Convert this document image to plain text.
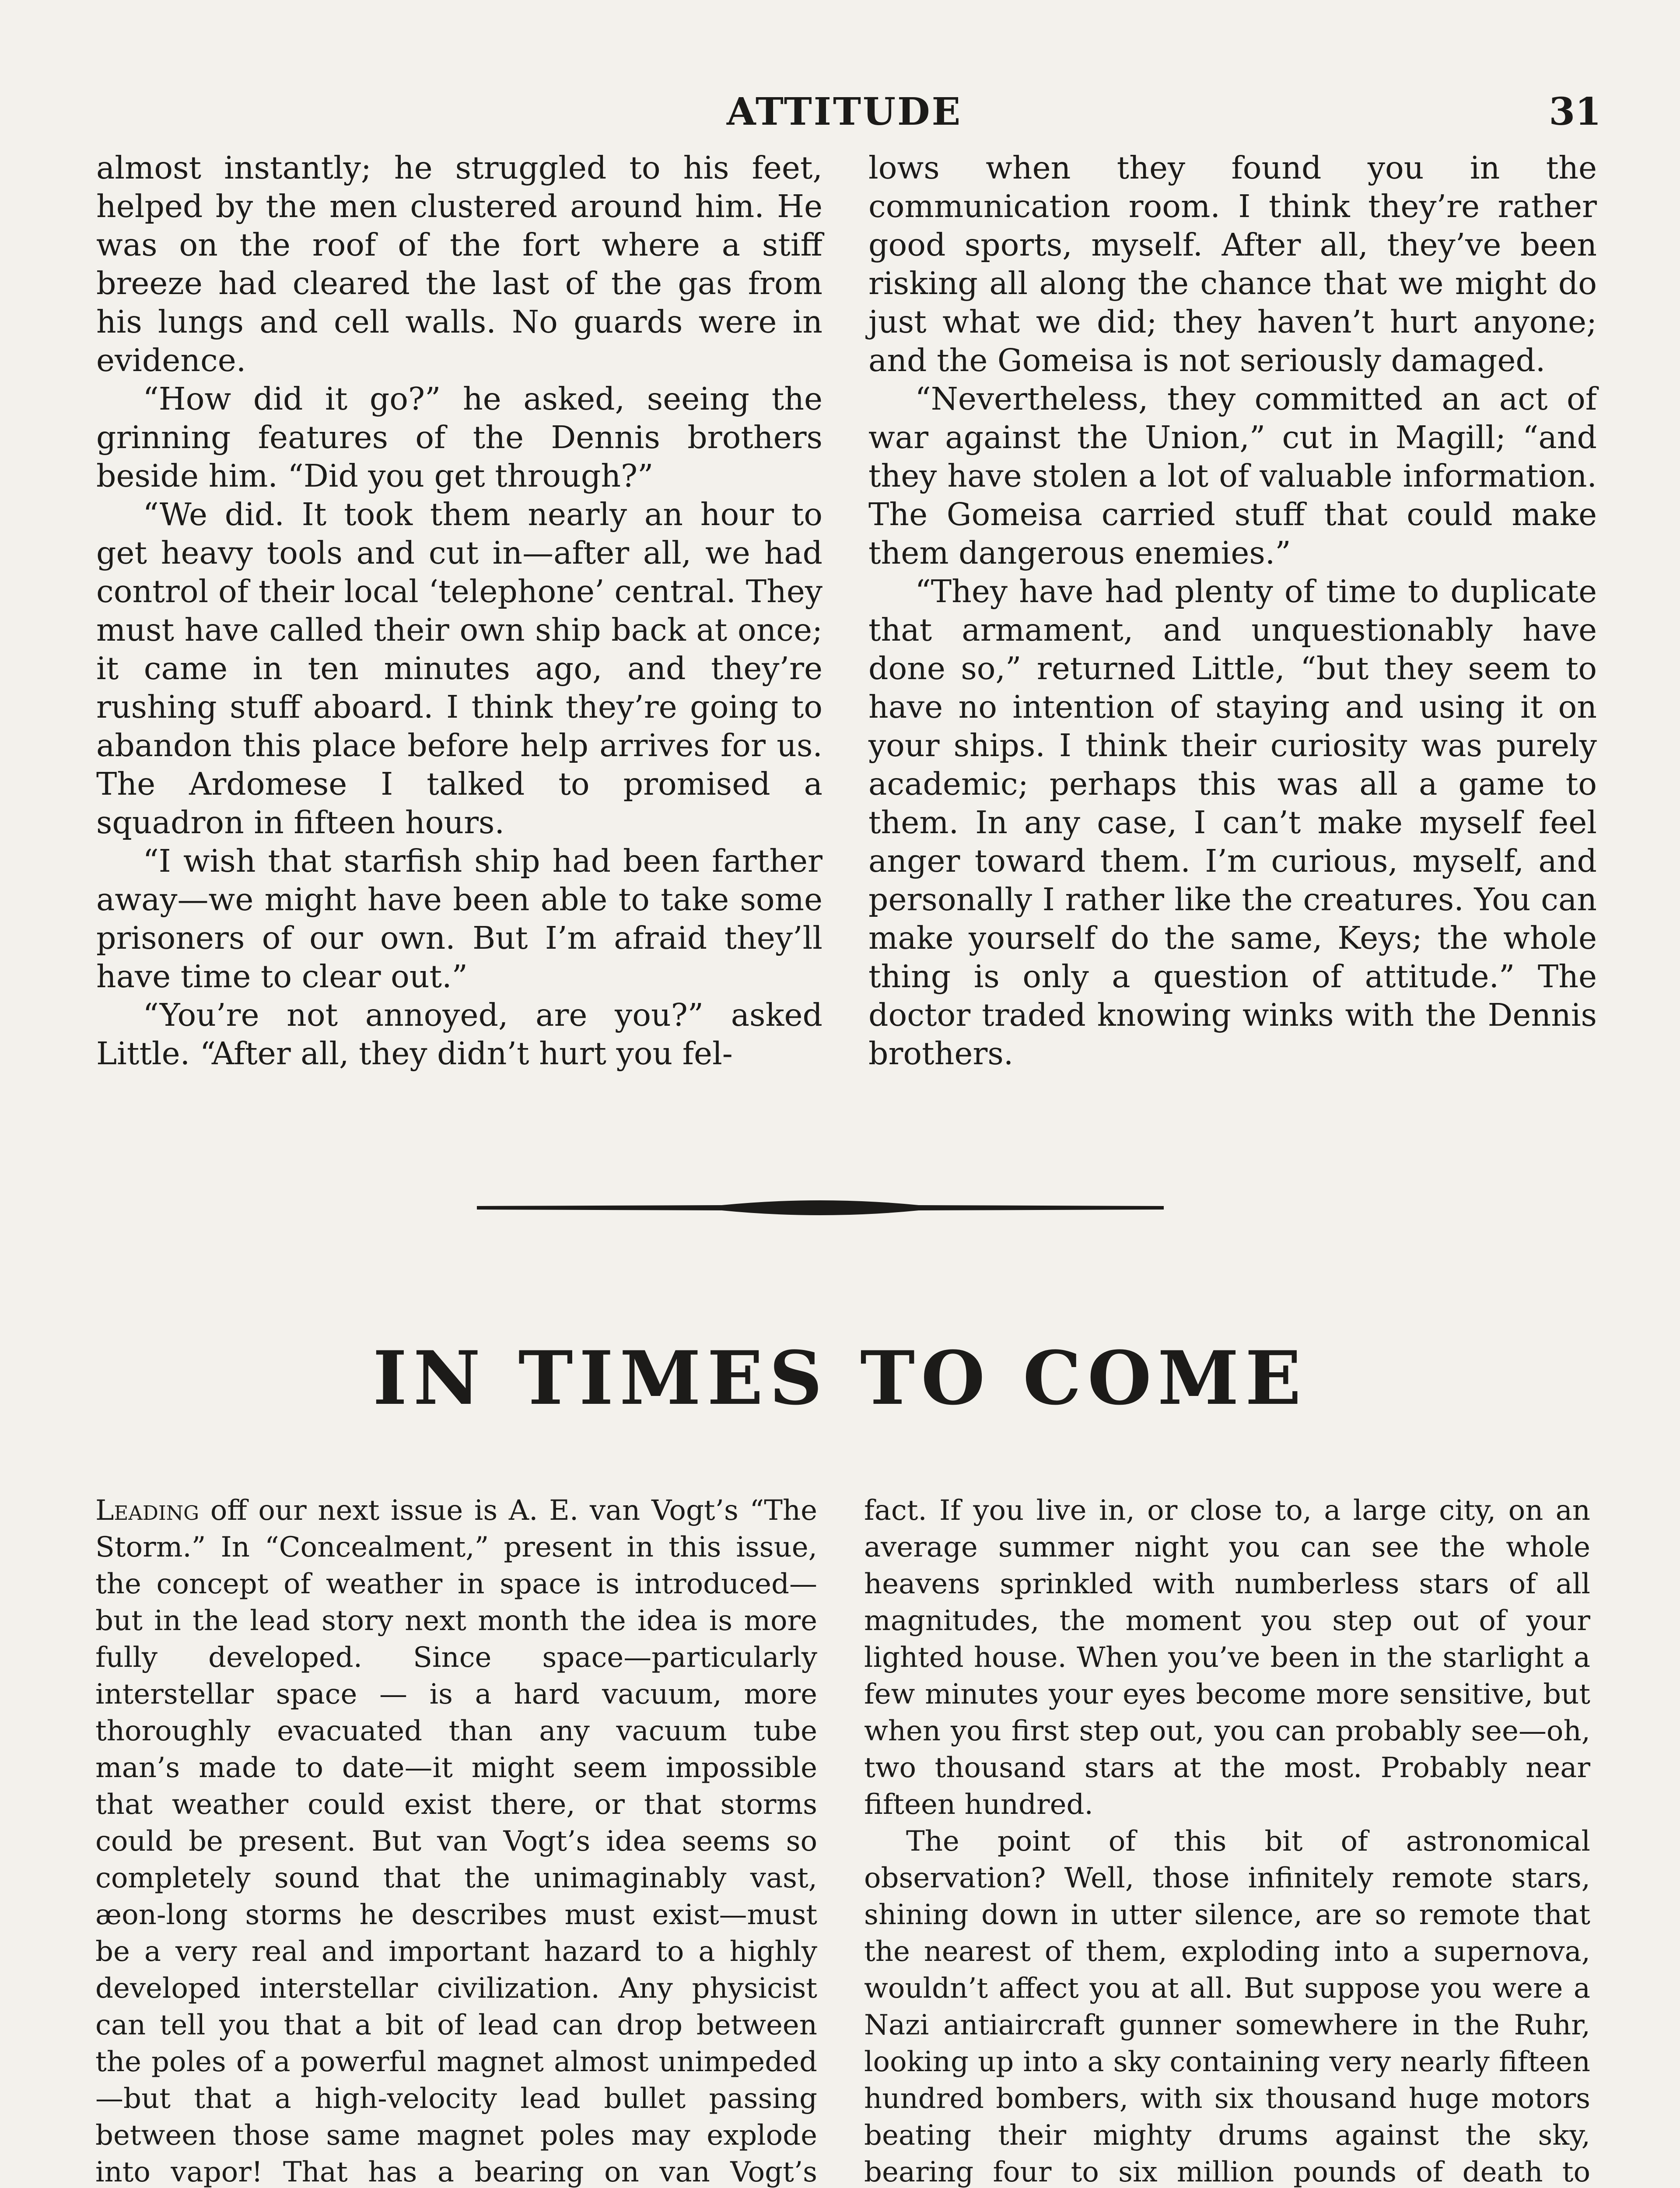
ATTITUDE	31

almost instantly; he struggled to his feet, helped by the men clustered around him. He was on the roof of the fort where a stiff breeze had cleared the last of the gas from his lungs and cell walls. No guards were in evidence.

“How did it go?” he asked, seeing the grinning features of the Dennis brothers beside him. “Did you get through?”

“We did. It took them nearly an hour to get heavy tools and cut in—after all, we had control of their local ‘telephone’ central. They must have called their own ship back at once; it came in ten minutes ago, and they’re rushing stuff aboard. I think they’re going to abandon this place before help arrives for us. The Ardomese I talked to promised a squadron in fifteen hours.

“I wish that starfish ship had been farther away—we might have been able to take some prisoners of our own. But I’m afraid they’ll have time to clear out.”

“You’re not annoyed, are you?” asked Little. “After all, they didn’t hurt you fel-

lows when they found you in the communication room. I think they’re rather good sports, myself. After all, they’ve been risking all along the chance that we might do just what we did; they haven’t hurt anyone; and the Gomeisa is not seriously damaged.

“Nevertheless, they committed an act of war against the Union,” cut in Magill; “and they have stolen a lot of valuable information. The Gomeisa carried stuff that could make them dangerous enemies.”

“They have had plenty of time to duplicate that armament, and unquestionably have done so,” returned Little, “but they seem to have no intention of staying and using it on your ships. I think their curiosity was purely academic; perhaps this was all a game to them. In any case, I can’t make myself feel anger toward them. I’m curious, myself, and personally I rather like the creatures. You can make yourself do the same, Keys; the whole thing is only a question of attitude.” The doctor traded knowing winks with the Dennis brothers.

IN TIMES TO COME

Leading off our next issue is A. E. van Vogt’s “The Storm.” In “Concealment,” present in this issue, the concept of weather in space is introduced—but in the lead story next month the idea is more fully developed. Since space—particularly interstellar space — is a hard vacuum, more thoroughly evacuated than any vacuum tube man’s made to date—it might seem impossible that weather could exist there, or that storms could be present. But van Vogt’s idea seems so completely sound that the unimaginably vast, æon-long storms he describes must exist—must be a very real and important hazard to a highly developed interstellar civilization. Any physicist can tell you that a bit of lead can drop between the poles of a powerful magnet almost unimpeded—but that a high-velocity lead bullet passing between those same magnet poles may explode into vapor! That has a bearing on van Vogt’s

fact. If you live in, or close to, a large city, on an average summer night you can see the whole heavens sprinkled with numberless stars of all magnitudes, the moment you step out of your lighted house. When you’ve been in the starlight a few minutes your eyes become more sensitive, but when you first step out, you can probably see—oh, two thousand stars at the most. Probably near fifteen hundred.

The point of this bit of astronomical observation? Well, those infinitely remote stars, shining down in utter silence, are so remote that the nearest of them, exploding into a supernova, wouldn’t affect you at all. But suppose you were a Nazi antiaircraft gunner somewhere in the Ruhr, looking up into a sky containing very nearly fifteen hundred bombers, with six thousand huge motors beating their mighty drums against the sky, bearing four to six million pounds of death to
